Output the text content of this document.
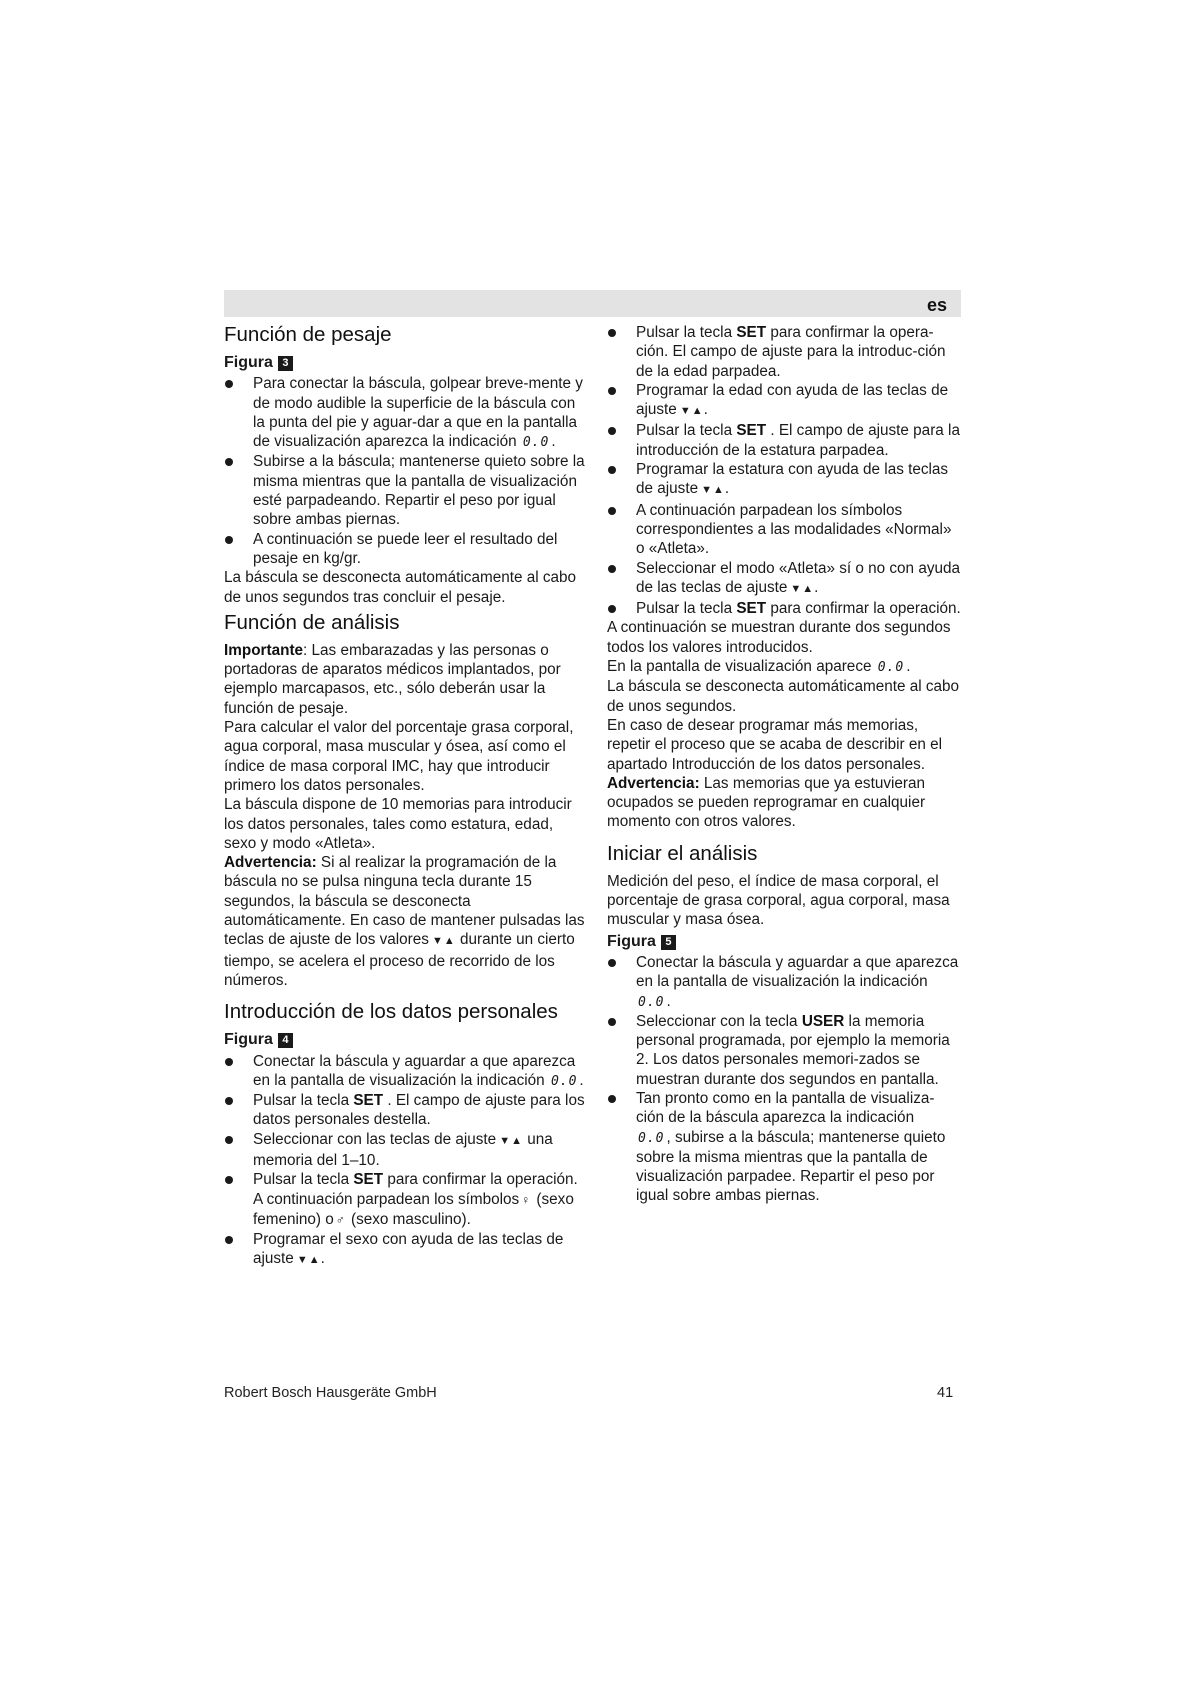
es
Función de pesaje
Figura 3
Para conectar la báscula, golpear breve-mente y de modo audible la superficie de la báscula con la punta del pie y aguar-dar a que en la pantalla de visualización aparezca la indicación 0.0 .
Subirse a la báscula; mantenerse quieto sobre la misma mientras que la pantalla de visualización esté parpadeando. Repartir el peso por igual sobre ambas piernas.
A continuación se puede leer el resultado del pesaje en kg/gr.

La báscula se desconecta automáticamente al cabo de unos segundos tras concluir el pesaje.

Función de análisis

Importante: Las embarazadas y las personas o portadoras de aparatos médicos implantados, por ejemplo marcapasos, etc., sólo deberán usar la función de pesaje.

Para calcular el valor del porcentaje grasa corporal, agua corporal, masa muscular y ósea, así como el índice de masa corporal IMC, hay que introducir primero los datos personales.

La báscula dispone de 10 memorias para introducir los datos personales, tales como estatura, edad, sexo y modo «Atleta».

Advertencia: Si al realizar la programación de la báscula no se pulsa ninguna tecla durante 15 segundos, la báscula se desconecta automáticamente. En caso de mantener pulsadas las teclas de ajuste de los valores ▼▲ durante un cierto tiempo, se acelera el proceso de recorrido de los números.

Introducción de los datos personales
Figura 4
Conectar la báscula y aguardar a que aparezca en la pantalla de visualización la indicación 0.0 .
Pulsar la tecla SET . El campo de ajuste para los datos personales destella.
Seleccionar con las teclas de ajuste ▼▲ una memoria del 1–10.
Pulsar la tecla SET para confirmar la operación.
A continuación parpadean los símbolos ♀ (sexo femenino) o ♂ (sexo masculino).
Programar el sexo con ayuda de las teclas de ajuste ▼▲.
Pulsar la tecla SET para confirmar la opera-ción. El campo de ajuste para la introduc-ción de la edad parpadea.
Programar la edad con ayuda de las teclas de ajuste ▼▲.
Pulsar la tecla SET . El campo de ajuste para la introducción de la estatura parpadea.
Programar la estatura con ayuda de las teclas de ajuste ▼▲.
A continuación parpadean los símbolos correspondientes a las modalidades «Normal» o «Atleta».
Seleccionar el modo «Atleta» sí o no con ayuda de las teclas de ajuste ▼▲.
Pulsar la tecla SET para confirmar la operación.

A continuación se muestran durante dos segundos todos los valores introducidos.

En la pantalla de visualización aparece 0.0 .

La báscula se desconecta automáticamente al cabo de unos segundos.

En caso de desear programar más memorias, repetir el proceso que se acaba de describir en el apartado Introducción de los datos personales.

Advertencia: Las memorias que ya estuvieran ocupados se pueden reprogramar en cualquier momento con otros valores.

Iniciar el análisis

Medición del peso, el índice de masa corporal, el porcentaje de grasa corporal, agua corporal, masa muscular y masa ósea.

Figura 5
Conectar la báscula y aguardar a que aparezca en la pantalla de visualización la indicación 0.0 .
Seleccionar con la tecla USER la memoria personal programada, por ejemplo la memoria 2. Los datos personales memori-zados se muestran durante dos segundos en pantalla.
Tan pronto como en la pantalla de visualiza-ción de la báscula aparezca la indicación
0.0 , subirse a la báscula; mantenerse quieto sobre la misma mientras que la pantalla de visualización parpadee. Repartir el peso por igual sobre ambas piernas.
Robert Bosch Hausgeräte GmbH	41
